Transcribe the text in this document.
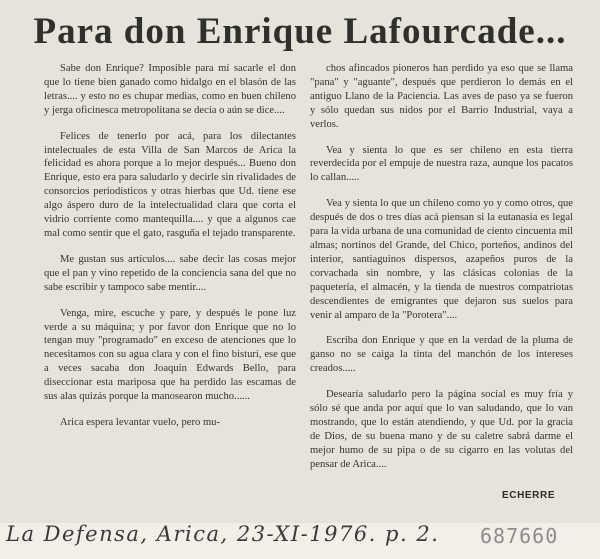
Para don Enrique Lafourcade...

Sabe don Enrique? Imposible para mí sacarle el don que lo tiene bien ganado como hidalgo en el blasón de las letras.... y esto no es chupar medias, como en buen chileno y jerga oficinesca metropolitana se decía o aún se dice....

Felices de tenerlo por acá, para los dilectantes intelectuales de esta Villa de San Marcos de Arica la felicidad es ahora porque a lo mejor después... Bueno don Enrique, esto era para saludarlo y decirle sin rivalidades de consorcios periodísticos y otras hierbas que Ud. tiene ese algo áspero duro de la intelectualidad clara que corta el vidrio corriente como mantequilla.... y que a algunos cae mal como sentir que el gato, rasguña el tejado transparente.

Me gustan sus artículos.... sabe decir las cosas mejor que el pan y vino repetido de la conciencia sana del que no sabe escribir y tampoco sabe mentir....

Venga, mire, escuche y pare, y después le pone luz verde a su máquina; y por favor don Enrique que no lo tengan muy "programado" en exceso de atenciones que lo necesitamos con su agua clara y con el fino bisturí, ese que a veces sacaba don Joaquín Edwards Bello, para diseccionar esta mariposa que ha perdido las escamas de sus alas quizás porque la manosearon mucho......

Arica espera levantar vuelo, pero mu-

chos afincados pioneros han perdido ya eso que se llama "pana" y "aguante", después que perdieron lo demás en el antiguo Llano de la Paciencia. Las aves de paso ya se fueron y sólo quedan sus nidos por el Barrio Industrial, vaya a verlos.

Vea y sienta lo que es ser chileno en esta tierra reverdecida por el empuje de nuestra raza, aunque los pacatos lo callan.....

Vea y sienta lo que un chileno como yo y como otros, que después de dos o tres días acá piensan si la eutanasia es legal para la vida urbana de una comunidad de ciento cincuenta mil almas; nortinos del Grande, del Chico, porteños, andinos del interior, santiaguinos dispersos, azapeños puros de la corvachada sin nombre, y las clásicas colonias de la paquetería, el almacén, y la tienda de nuestros compatriotas descendientes de emigrantes que dejaron sus suelos para venir al amparo de la "Porotera"....

Escriba don Enrique y que en la verdad de la pluma de ganso no se caiga la tinta del manchón de los intereses creados.....

Desearía saludarlo pero la página social es muy fría y sólo sé que anda por aquí que lo van saludando, que lo van mostrando, que lo están atendiendo, y que Ud. por la gracia de Dios, de su buena mano y de su caletre sabrá darme el mejor humo de su pipa o de su cigarro en las volutas del pensar de Arica....

ECHERRE
La Defensa, Arica, 23-XI-1976. p. 2. 687660
